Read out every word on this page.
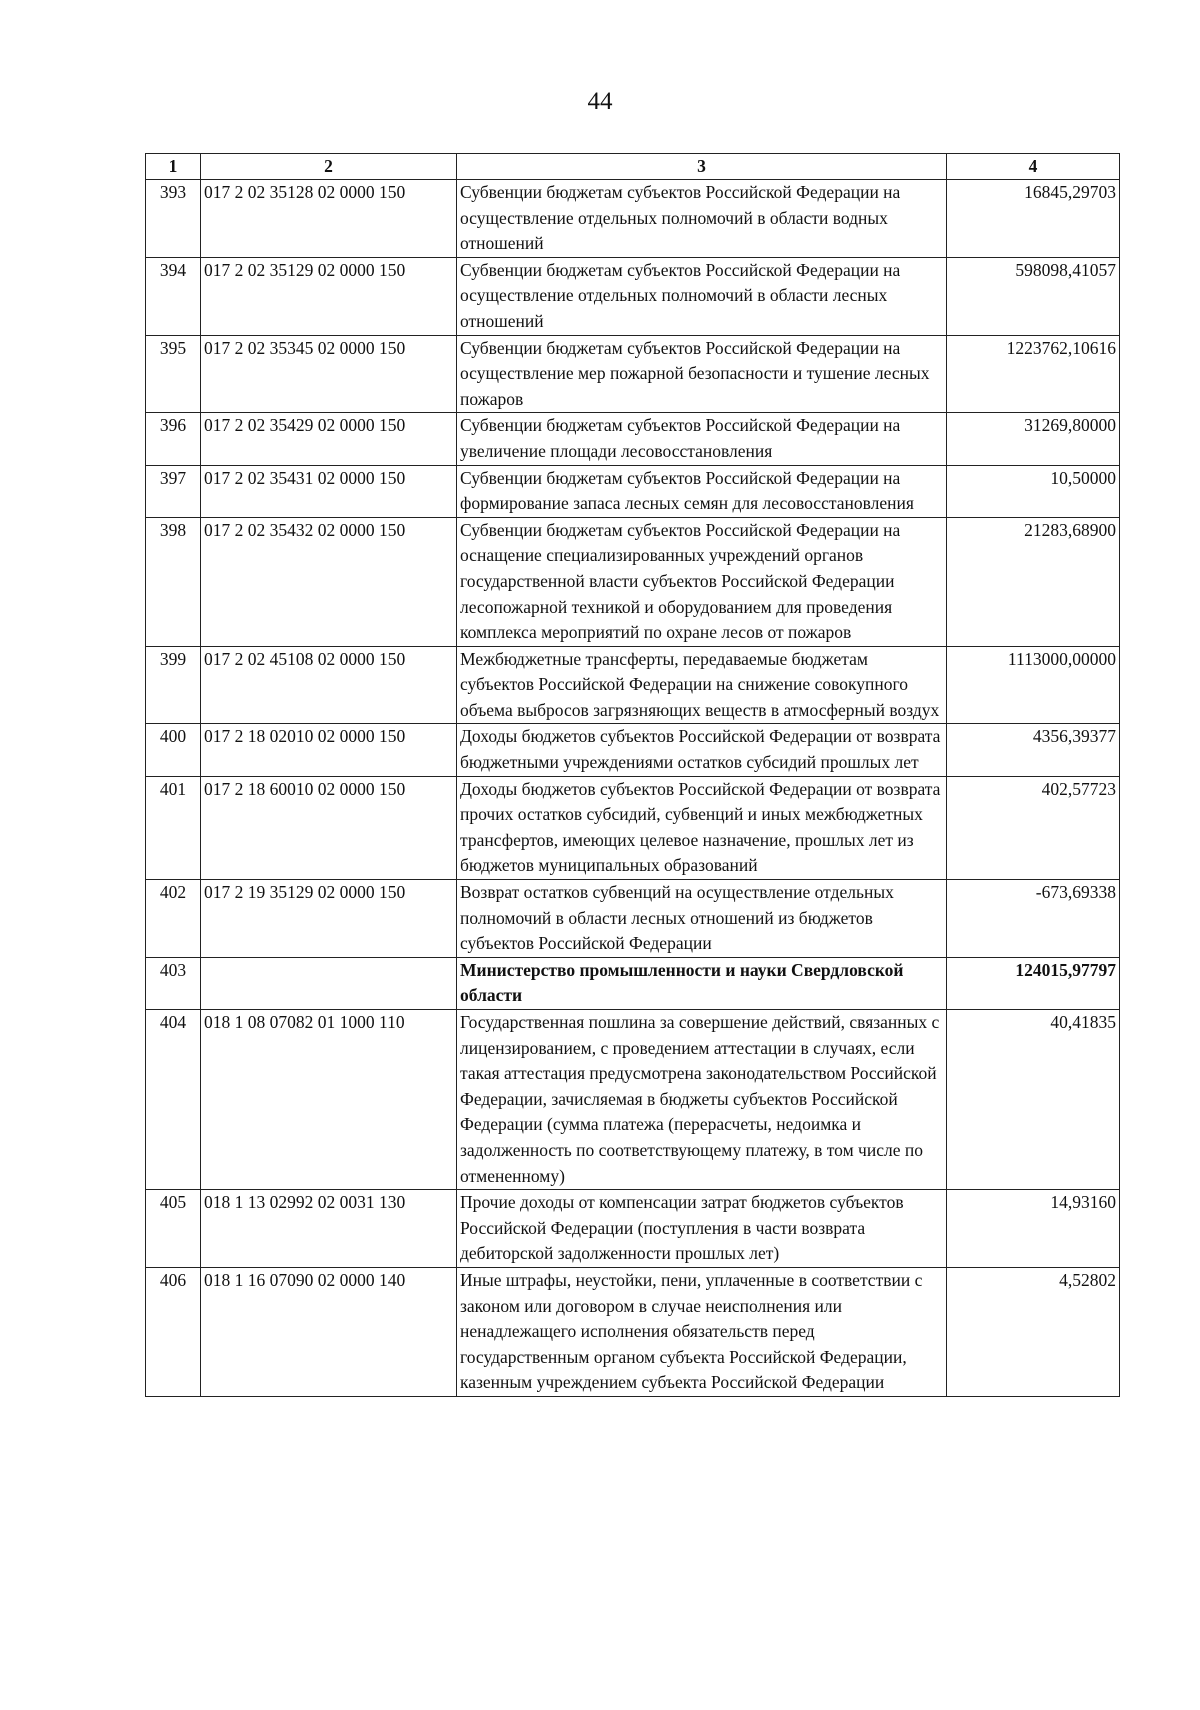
44
1	2	3	4
393	017 2 02 35128 02 0000 150	Субвенции бюджетам субъектов Российской Федерации на осуществление отдельных полномочий в области водных отношений	16845,29703
394	017 2 02 35129 02 0000 150	Субвенции бюджетам субъектов Российской Федерации на осуществление отдельных полномочий в области лесных отношений	598098,41057
395	017 2 02 35345 02 0000 150	Субвенции бюджетам субъектов Российской Федерации на осуществление мер пожарной безопасности и тушение лесных пожаров	1223762,10616
396	017 2 02 35429 02 0000 150	Субвенции бюджетам субъектов Российской Федерации на увеличение площади лесовосстановления	31269,80000
397	017 2 02 35431 02 0000 150	Субвенции бюджетам субъектов Российской Федерации на формирование запаса лесных семян для лесовосстановления	10,50000
398	017 2 02 35432 02 0000 150	Субвенции бюджетам субъектов Российской Федерации на оснащение специализированных учреждений органов государственной власти субъектов Российской Федерации лесопожарной техникой и оборудованием для проведения комплекса мероприятий по охране лесов от пожаров	21283,68900
399	017 2 02 45108 02 0000 150	Межбюджетные трансферты, передаваемые бюджетам субъектов Российской Федерации на снижение совокупного объема выбросов загрязняющих веществ в атмосферный воздух	1113000,00000
400	017 2 18 02010 02 0000 150	Доходы бюджетов субъектов Российской Федерации от возврата бюджетными учреждениями остатков субсидий прошлых лет	4356,39377
401	017 2 18 60010 02 0000 150	Доходы бюджетов субъектов Российской Федерации от возврата прочих остатков субсидий, субвенций и иных межбюджетных трансфертов, имеющих целевое назначение, прошлых лет из бюджетов муниципальных образований	402,57723
402	017 2 19 35129 02 0000 150	Возврат остатков субвенций на осуществление отдельных полномочий в области лесных отношений из бюджетов субъектов Российской Федерации	-673,69338
403		Министерство промышленности и науки Свердловской области	124015,97797
404	018 1 08 07082 01 1000 110	Государственная пошлина за совершение действий, связанных с лицензированием, с проведением аттестации в случаях, если такая аттестация предусмотрена законодательством Российской Федерации, зачисляемая в бюджеты субъектов Российской Федерации (сумма платежа (перерасчеты, недоимка и задолженность по соответствующему платежу, в том числе по отмененному)	40,41835
405	018 1 13 02992 02 0031 130	Прочие доходы от компенсации затрат бюджетов субъектов Российской Федерации (поступления в части возврата дебиторской задолженности прошлых лет)	14,93160
406	018 1 16 07090 02 0000 140	Иные штрафы, неустойки, пени, уплаченные в соответствии с законом или договором в случае неисполнения или ненадлежащего исполнения обязательств перед государственным органом субъекта Российской Федерации, казенным учреждением субъекта Российской Федерации	4,52802
